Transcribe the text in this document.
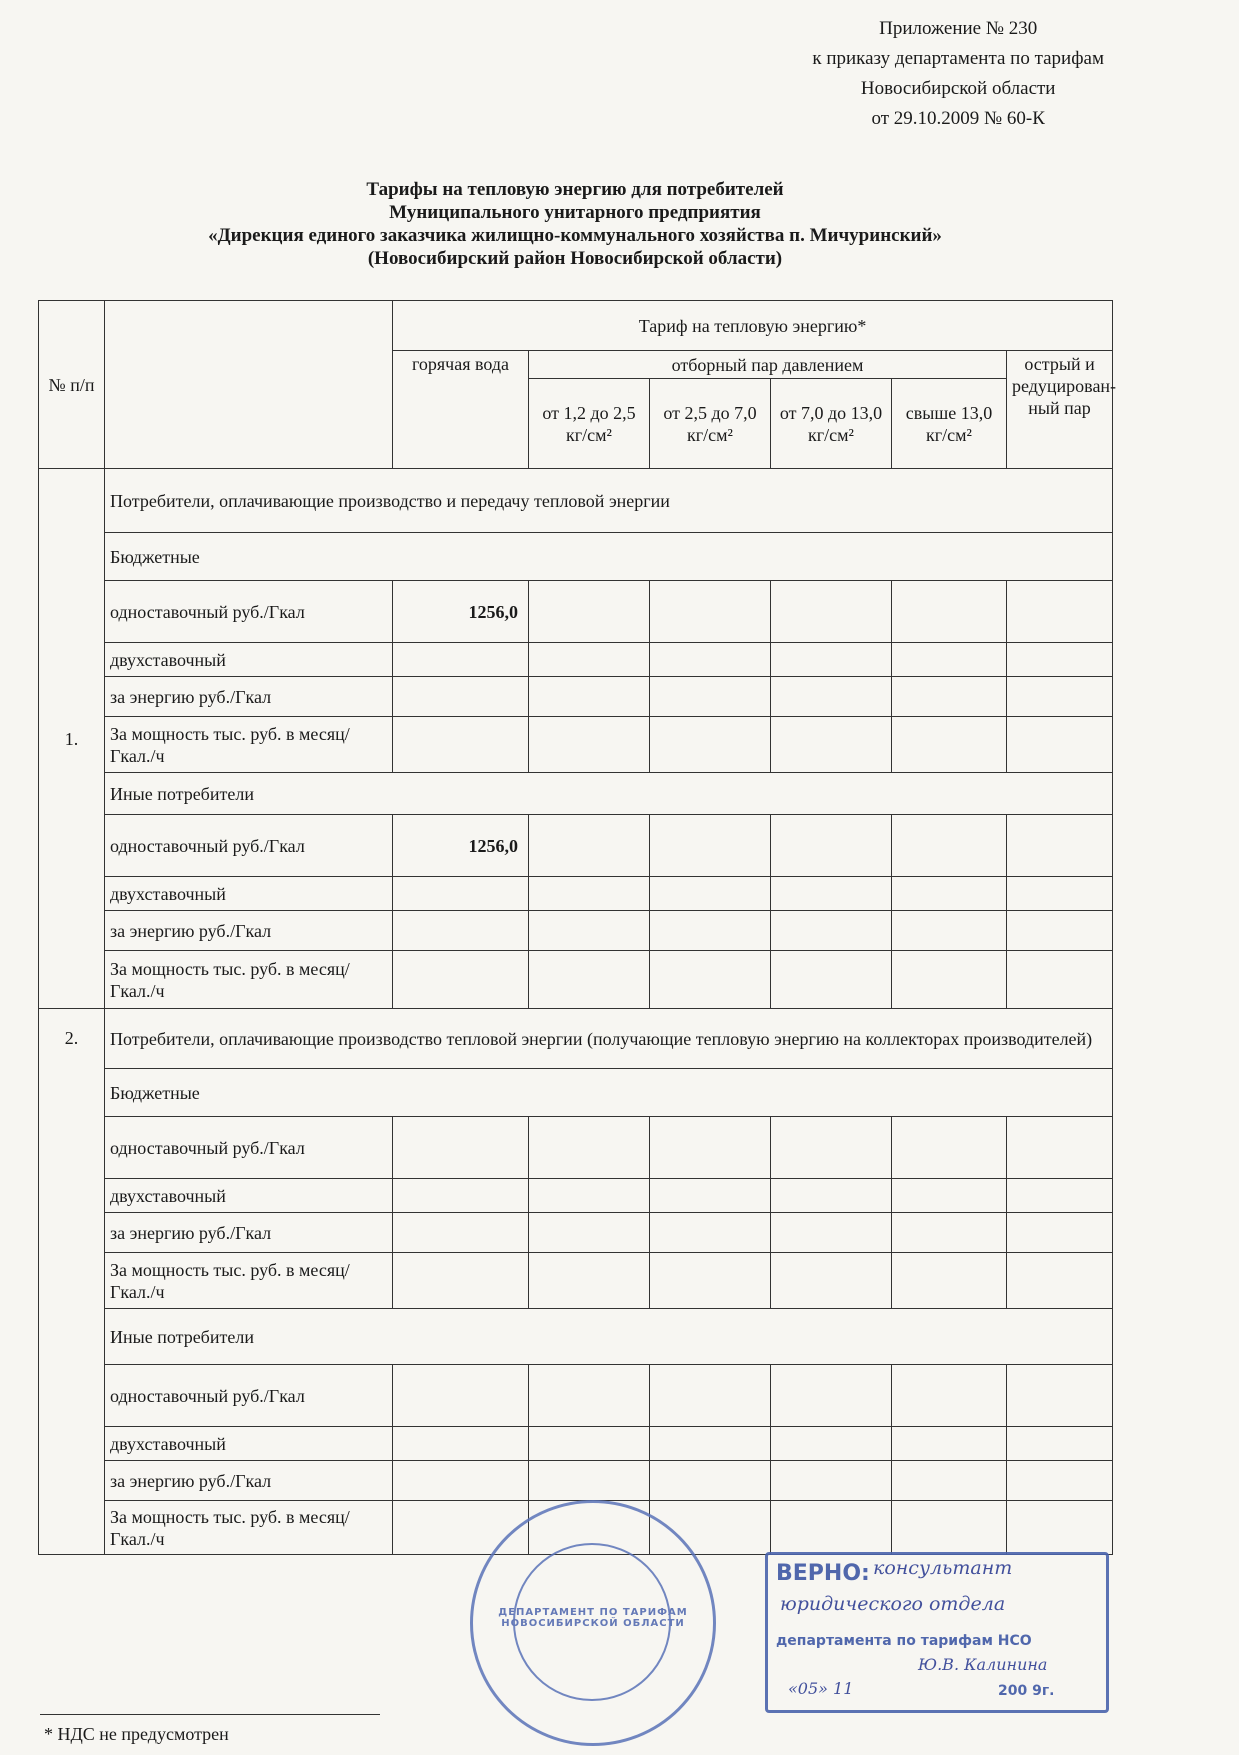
Приложение № 230
к приказу департамента по тарифам
Новосибирской области
от 29.10.2009 № 60-К
Тарифы на тепловую энергию для потребителей
Муниципального унитарного предприятия
«Дирекция единого заказчика жилищно-коммунального хозяйства п. Мичуринский»
(Новосибирский район Новосибирской области)
№ п/п		Тариф на тепловую энергию*					
		горячая вода	отборный пар давлением				острый и редуцирован-ный пар
			от 1,2 до 2,5 кг/см²	от 2,5 до 7,0 кг/см²	от 7,0 до 13,0 кг/см²	свыше 13,0 кг/см²	
1.	Потребители, оплачивающие производство и передачу тепловой энергии						
	Бюджетные						
	одноставочный руб./Гкал	1256,0					
	двухставочный						
	за энергию руб./Гкал						
	За мощность тыс. руб. в месяц/Гкал./ч						
	Иные потребители						
	одноставочный руб./Гкал	1256,0					
	двухставочный						
	за энергию руб./Гкал						
	За мощность тыс. руб. в месяц/Гкал./ч						
2.	Потребители, оплачивающие производство тепловой энергии (получающие тепловую энергию на коллекторах производителей)						
	Бюджетные						
	одноставочный руб./Гкал						
	двухставочный						
	за энергию руб./Гкал						
	За мощность тыс. руб. в месяц/Гкал./ч						
	Иные потребители						
	одноставочный руб./Гкал						
	двухставочный						
	за энергию руб./Гкал						
	За мощность тыс. руб. в месяц/Гкал./ч						
* НДС не предусмотрен
ДЕПАРТАМЕНТ ПО ТАРИФАМ НОВОСИБИРСКОЙ ОБЛАСТИ
ВЕРНО: консультант
юридического отдела
департамента по тарифам НСО
Ю.В. Калинина
«05» 11	200 9г.
